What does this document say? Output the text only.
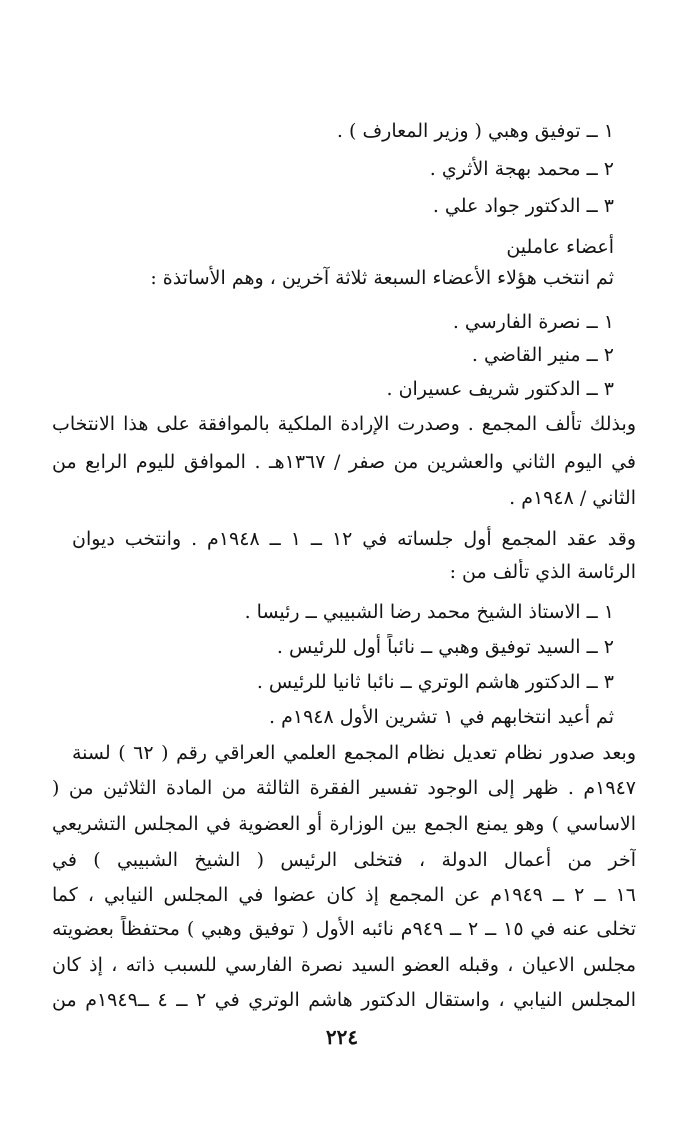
١ ــ توفيق وهبي ( وزير المعارف ) .
٢ ــ محمد بهجة الأثري .
٣ ــ الدكتور جواد علي .
أعضاء عاملين
ثم انتخب هؤلاء الأعضاء السبعة ثلاثة آخرين ، وهم الأساتذة :
١ ــ نصرة الفارسي .
٢ ــ منير القاضي .
٣ ــ الدكتور شريف عسيران .
وبذلك تألف المجمع . وصدرت الإرادة الملكية بالموافقة على هذا الانتخاب
في اليوم الثاني والعشرين من صفر / ١٣٦٧هـ . الموافق لليوم الرابع من
الثاني / ١٩٤٨م .
وقد عقد المجمع أول جلساته في ١٢ ــ ١ ــ ١٩٤٨م . وانتخب ديوان
الرئاسة الذي تألف من :
١ ــ الاستاذ الشيخ محمد رضا الشبيبي ــ رئيسا .
٢ ــ السيد توفيق وهبي ــ نائباً أول للرئيس .
٣ ــ الدكتور هاشم الوتري ــ نائبا ثانيا للرئيس .
ثم أعيد انتخابهم في ١ تشرين الأول ١٩٤٨م .
وبعد صدور نظام تعديل نظام المجمع العلمي العراقي رقم ( ٦٢ ) لسنة
١٩٤٧م . ظهر إلى الوجود تفسير الفقرة الثالثة من المادة الثلاثين من (
الاساسي ) وهو يمنع الجمع بين الوزارة أو العضوية في المجلس التشريعي
آخر من أعمال الدولة ، فتخلى الرئيس ( الشيخ الشبيبي ) في
١٦ ــ ٢ ــ ١٩٤٩م عن المجمع إذ كان عضوا في المجلس النيابي ، كما
تخلى عنه في ١٥ ــ ٢ ــ ٩٤٩م نائبه الأول ( توفيق وهبي ) محتفظاً بعضويته
مجلس الاعيان ، وقبله العضو السيد نصرة الفارسي للسبب ذاته ، إذ كان
المجلس النيابي ، واستقال الدكتور هاشم الوتري في ٢ ــ ٤ ــ١٩٤٩م من
٢٢٤
